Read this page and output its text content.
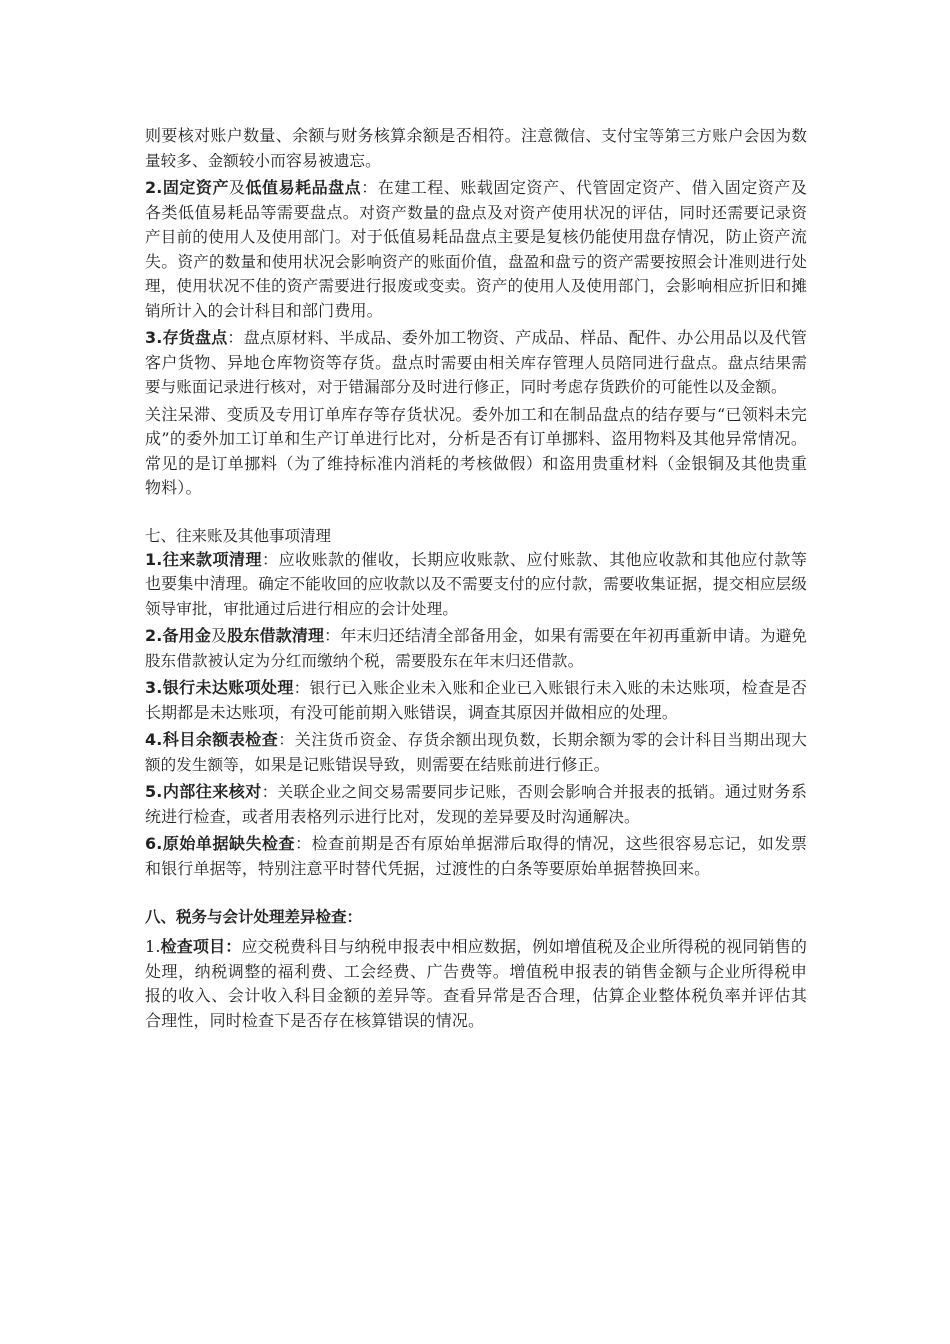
则要核对账户数量、余额与财务核算余额是否相符。注意微信、支付宝等第三方账户会因为数量较多、金额较小而容易被遗忘。

2.固定资产及低值易耗品盘点：在建工程、账载固定资产、代管固定资产、借入固定资产及各类低值易耗品等需要盘点。对资产数量的盘点及对资产使用状况的评估，同时还需要记录资产目前的使用人及使用部门。对于低值易耗品盘点主要是复核仍能使用盘存情况，防止资产流失。资产的数量和使用状况会影响资产的账面价值，盘盈和盘亏的资产需要按照会计准则进行处理，使用状况不佳的资产需要进行报废或变卖。资产的使用人及使用部门，会影响相应折旧和摊销所计入的会计科目和部门费用。

3.存货盘点：盘点原材料、半成品、委外加工物资、产成品、样品、配件、办公用品以及代管客户货物、异地仓库物资等存货。盘点时需要由相关库存管理人员陪同进行盘点。盘点结果需要与账面记录进行核对，对于错漏部分及时进行修正，同时考虑存货跌价的可能性以及金额。

关注呆滞、变质及专用订单库存等存货状况。委外加工和在制品盘点的结存要与“已领料未完成”的委外加工订单和生产订单进行比对，分析是否有订单挪料、盗用物料及其他异常情况。常见的是订单挪料（为了维持标准内消耗的考核做假）和盗用贵重材料（金银铜及其他贵重物料）。

七、往来账及其他事项清理

1.往来款项清理：应收账款的催收，长期应收账款、应付账款、其他应收款和其他应付款等也要集中清理。确定不能收回的应收款以及不需要支付的应付款，需要收集证据，提交相应层级领导审批，审批通过后进行相应的会计处理。

2.备用金及股东借款清理：年末归还结清全部备用金，如果有需要在年初再重新申请。为避免股东借款被认定为分红而缴纳个税，需要股东在年末归还借款。

3.银行未达账项处理：银行已入账企业未入账和企业已入账银行未入账的未达账项，检查是否长期都是未达账项，有没可能前期入账错误，调查其原因并做相应的处理。

4.科目余额表检查：关注货币资金、存货余额出现负数，长期余额为零的会计科目当期出现大额的发生额等，如果是记账错误导致，则需要在结账前进行修正。

5.内部往来核对：关联企业之间交易需要同步记账，否则会影响合并报表的抵销。通过财务系统进行检查，或者用表格列示进行比对，发现的差异要及时沟通解决。

6.原始单据缺失检查：检查前期是否有原始单据滞后取得的情况，这些很容易忘记，如发票和银行单据等，特别注意平时替代凭据，过渡性的白条等要原始单据替换回来。

八、税务与会计处理差异检查：

1.检查项目：应交税费科目与纳税申报表中相应数据，例如增值税及企业所得税的视同销售的处理，纳税调整的福利费、工会经费、广告费等。增值税申报表的销售金额与企业所得税申报的收入、会计收入科目金额的差异等。查看异常是否合理，估算企业整体税负率并评估其合理性，同时检查下是否存在核算错误的情况。
